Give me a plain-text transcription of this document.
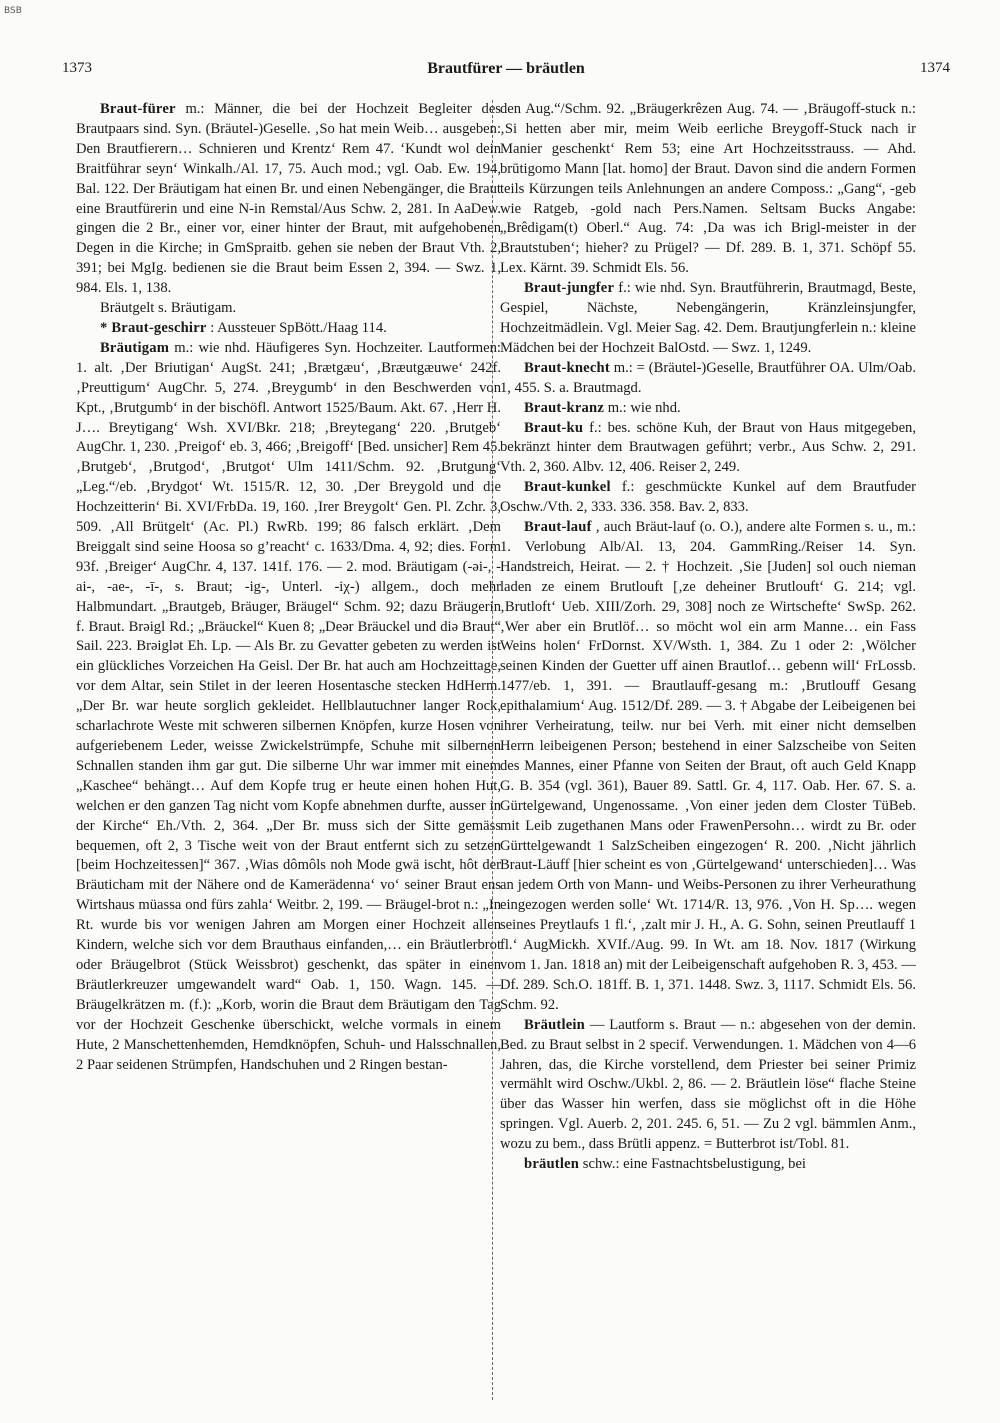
BSB
1373	Brautfürer — bräutlen	1374

Braut-fürer m.: Männer, die bei der Hochzeit Begleiter des Brautpaars sind. Syn. (Bräutel-)Geselle. ‚So hat mein Weib… ausgeben: Den Brautfierern… Schnieren und Krentz‘ Rem 47. ‘Kundt wol dein Braitführar seyn‘ Winkalh./Al. 17, 75. Auch mod.; vgl. Oab. Ew. 194, Bal. 122. Der Bräutigam hat einen Br. und einen Nebengänger, die Braut eine Brautfürerin und eine N-in Remstal/Aus Schw. 2, 281. In AaDew. gingen die 2 Br., einer vor, einer hinter der Braut, mit aufgehobenen Degen in die Kirche; in GmSpraitb. gehen sie neben der Braut Vth. 2, 391; bei MgIg. bedienen sie die Braut beim Essen 2, 394. — Swz. 1, 984. Els. 1, 138.

Bräutgelt s. Bräutigam.

* Braut-geschirr : Aussteuer SpBött./Haag 114.

Bräutigam m.: wie nhd. Häufigeres Syn. Hochzeiter. Lautformen: 1. alt. ‚Der Briutigan‘ AugSt. 241; ‚Brætgæu‘, ‚Bræutgæuwe‘ 242f. ‚Preuttigum‘ AugChr. 5, 274. ‚Breygumb‘ in den Beschwerden von Kpt., ‚Brutgumb‘ in der bischöfl. Antwort 1525/Baum. Akt. 67. ‚Herr H. J…. Breytigang‘ Wsh. XVI/Bkr. 218; ‚Breytegang‘ 220. ‚Brutgeb‘ AugChr. 1, 230. ‚Preigof‘ eb. 3, 466; ‚Breigoff‘ [Bed. unsicher] Rem 45. ‚Brutgeb‘, ‚Brutgod‘, ‚Brutgot‘ Ulm 1411/Schm. 92. ‚Brutgung‘ „Leg.“/eb. ‚Brydgot‘ Wt. 1515/R. 12, 30. ‚Der Breygold und die Hochzeitterin‘ Bi. XVI/FrbDa. 19, 160. ‚Irer Breygolt‘ Gen. Pl. Zchr. 3, 509. ‚All Brütgelt‘ (Ac. Pl.) RwRb. 199; 86 falsch erklärt. ‚Dem Breiggalt sind seine Hoosa so g’reacht‘ c. 1633/Dma. 4, 92; dies. Form 93f. ‚Breiger‘ AugChr. 4, 137. 141f. 176. — 2. mod. Bräutigam (-əi-, -ai-, -ae-, -ī-, s. Braut; -ig-, Unterl. -iχ-) allgem., doch mehr Halbmundart. „Brautgeb, Bräuger, Bräugel“ Schm. 92; dazu Bräugerin f. Braut. Brəigl Rd.; „Bräuckel“ Kuen 8; „Deər Bräuckel und diə Braut“ Sail. 223. Brəiglət Eh. Lp. — Als Br. zu Gevatter gebeten zu werden ist ein glückliches Vorzeichen Ha Geisl. Der Br. hat auch am Hochzeittage, vor dem Altar, sein Stilet in der leeren Hosentasche stecken HdHerm. „Der Br. war heute sorglich gekleidet. Hellblautuchner langer Rock, scharlachrote Weste mit schweren silbernen Knöpfen, kurze Hosen von aufgeriebenem Leder, weisse Zwickelstrümpfe, Schuhe mit silbernen Schnallen standen ihm gar gut. Die silberne Uhr war immer mit einem „Kaschee“ behängt… Auf dem Kopfe trug er heute einen hohen Hut, welchen er den ganzen Tag nicht vom Kopfe abnehmen durfte, ausser in der Kirche“ Eh./Vth. 2, 364. „Der Br. muss sich der Sitte gemäss bequemen, oft 2, 3 Tische weit von der Braut entfernt sich zu setzen [beim Hochzeitessen]“ 367. ‚Wias dômôls noh Mode gwä ischt, hôt der Bräuticham mit der Nähere ond de Kamerädenna‘ vo‘ seiner Braut ens Wirtshaus müassa ond fürs zahla‘ Weitbr. 2, 199. — Bräugel-brot n.: „In Rt. wurde bis vor wenigen Jahren am Morgen einer Hochzeit allen Kindern, welche sich vor dem Brauthaus einfanden,… ein Bräutlerbrot oder Bräugelbrot (Stück Weissbrot) geschenkt, das später in einen Bräutlerkreuzer umgewandelt ward“ Oab. 1, 150. Wagn. 145. — Bräugelkrätzen m. (f.): „Korb, worin die Braut dem Bräutigam den Tag vor der Hochzeit Geschenke überschickt, welche vormals in einem Hute, 2 Manschettenhemden, Hemdknöpfen, Schuh- und Halsschnallen, 2 Paar seidenen Strümpfen, Handschuhen und 2 Ringen bestan-

den Aug.“/Schm. 92. „Bräugerkrêzen Aug. 74. — ‚Bräugoff-stuck n.: ‚Si hetten aber mir, meim Weib eerliche Breygoff-Stuck nach ir Manier geschenkt‘ Rem 53; eine Art Hochzeitsstrauss. — Ahd. brūtigomo Mann [lat. homo] der Braut. Davon sind die andern Formen teils Kürzungen teils Anlehnungen an andere Composs.: „Gang“, -geb wie Ratgeb, -gold nach Pers.Namen. Seltsam Bucks Angabe: „Brêdigam(t) Oberl.“ Aug. 74: ‚Da was ich Brigl-meister in der Brautstuben‘; hieher? zu Prügel? — Df. 289. B. 1, 371. Schöpf 55. Lex. Kärnt. 39. Schmidt Els. 56.

Braut-jungfer f.: wie nhd. Syn. Brautführerin, Brautmagd, Beste, Gespiel, Nächste, Nebengängerin, Kränzleinsjungfer, Hochzeitmädlein. Vgl. Meier Sag. 42. Dem. Brautjungferlein n.: kleine Mädchen bei der Hochzeit BalOstd. — Swz. 1, 1249.

Braut-knecht m.: = (Bräutel-)Geselle, Brautführer OA. Ulm/Oab. 1, 455. S. a. Brautmagd.

Braut-kranz m.: wie nhd.

Braut-ku f.: bes. schöne Kuh, der Braut von Haus mitgegeben, bekränzt hinter dem Brautwagen geführt; verbr., Aus Schw. 2, 291. Vth. 2, 360. Albv. 12, 406. Reiser 2, 249.

Braut-kunkel f.: geschmückte Kunkel auf dem Brautfuder Oschw./Vth. 2, 333. 336. 358. Bav. 2, 833.

Braut-lauf , auch Bräut-lauf (o. O.), andere alte Formen s. u., m.: 1. Verlobung Alb/Al. 13, 204. GammRing./Reiser 14. Syn. Handstreich, Heirat. — 2. † Hochzeit. ‚Sie [Juden] sol ouch nieman laden ze einem Brutlouft [‚ze deheiner Brutlouft‘ G. 214; vgl. ‚Brutloft‘ Ueb. XIII/Zorh. 29, 308] noch ze Wirtschefte‘ SwSp. 262. ‚Wer aber ein Brutlöf… so möcht wol ein arm Manne… ein Fass Weins holen‘ FrDornst. XV/Wsth. 1, 384. Zu 1 oder 2: ‚Wölcher seinen Kinden der Guetter uff ainen Brautlof… gebenn will‘ FrLossb. 1477/eb. 1, 391. — Brautlauff-gesang m.: ‚Brutlouff Gesang epithalamium‘ Aug. 1512/Df. 289. — 3. † Abgabe der Leibeigenen bei ihrer Verheiratung, teilw. nur bei Verh. mit einer nicht demselben Herrn leibeigenen Person; bestehend in einer Salzscheibe von Seiten des Mannes, einer Pfanne von Seiten der Braut, oft auch Geld Knapp G. B. 354 (vgl. 361), Bauer 89. Sattl. Gr. 4, 117. Oab. Her. 67. S. a. Gürtelgewand, Ungenossame. ‚Von einer jeden dem Closter TüBeb. mit Leib zugethanen Mans oder FrawenPersohn… wirdt zu Br. oder Gürttelgewandt 1 SalzScheiben eingezogen‘ R. 200. ‚Nicht jährlich Braut-Läuff [hier scheint es von ‚Gürtelgewand‘ unterschieden]… Was an jedem Orth von Mann- und Weibs-Personen zu ihrer Verheurathung eingezogen werden solle‘ Wt. 1714/R. 13, 976. ‚Von H. Sp…. wegen seines Preytlaufs 1 fl.‘, ‚zalt mir J. H., A. G. Sohn, seinen Preutlauff 1 fl.‘ AugMickh. XVIf./Aug. 99. In Wt. am 18. Nov. 1817 (Wirkung vom 1. Jan. 1818 an) mit der Leibeigenschaft aufgehoben R. 3, 453. — Df. 289. Sch.O. 181ff. B. 1, 371. 1448. Swz. 3, 1117. Schmidt Els. 56. Schm. 92.

Bräutlein — Lautform s. Braut — n.: abgesehen von der demin. Bed. zu Braut selbst in 2 specif. Verwendungen. 1. Mädchen von 4—6 Jahren, das, die Kirche vorstellend, dem Priester bei seiner Primiz vermählt wird Oschw./Ukbl. 2, 86. — 2. Bräutlein löse“ flache Steine über das Wasser hin werfen, dass sie möglichst oft in die Höhe springen. Vgl. Auerb. 2, 201. 245. 6, 51. — Zu 2 vgl. bämmlen Anm., wozu zu bem., dass Brütli appenz. = Butterbrot ist/Tobl. 81.

bräutlen schw.: eine Fastnachtsbelustigung, bei
